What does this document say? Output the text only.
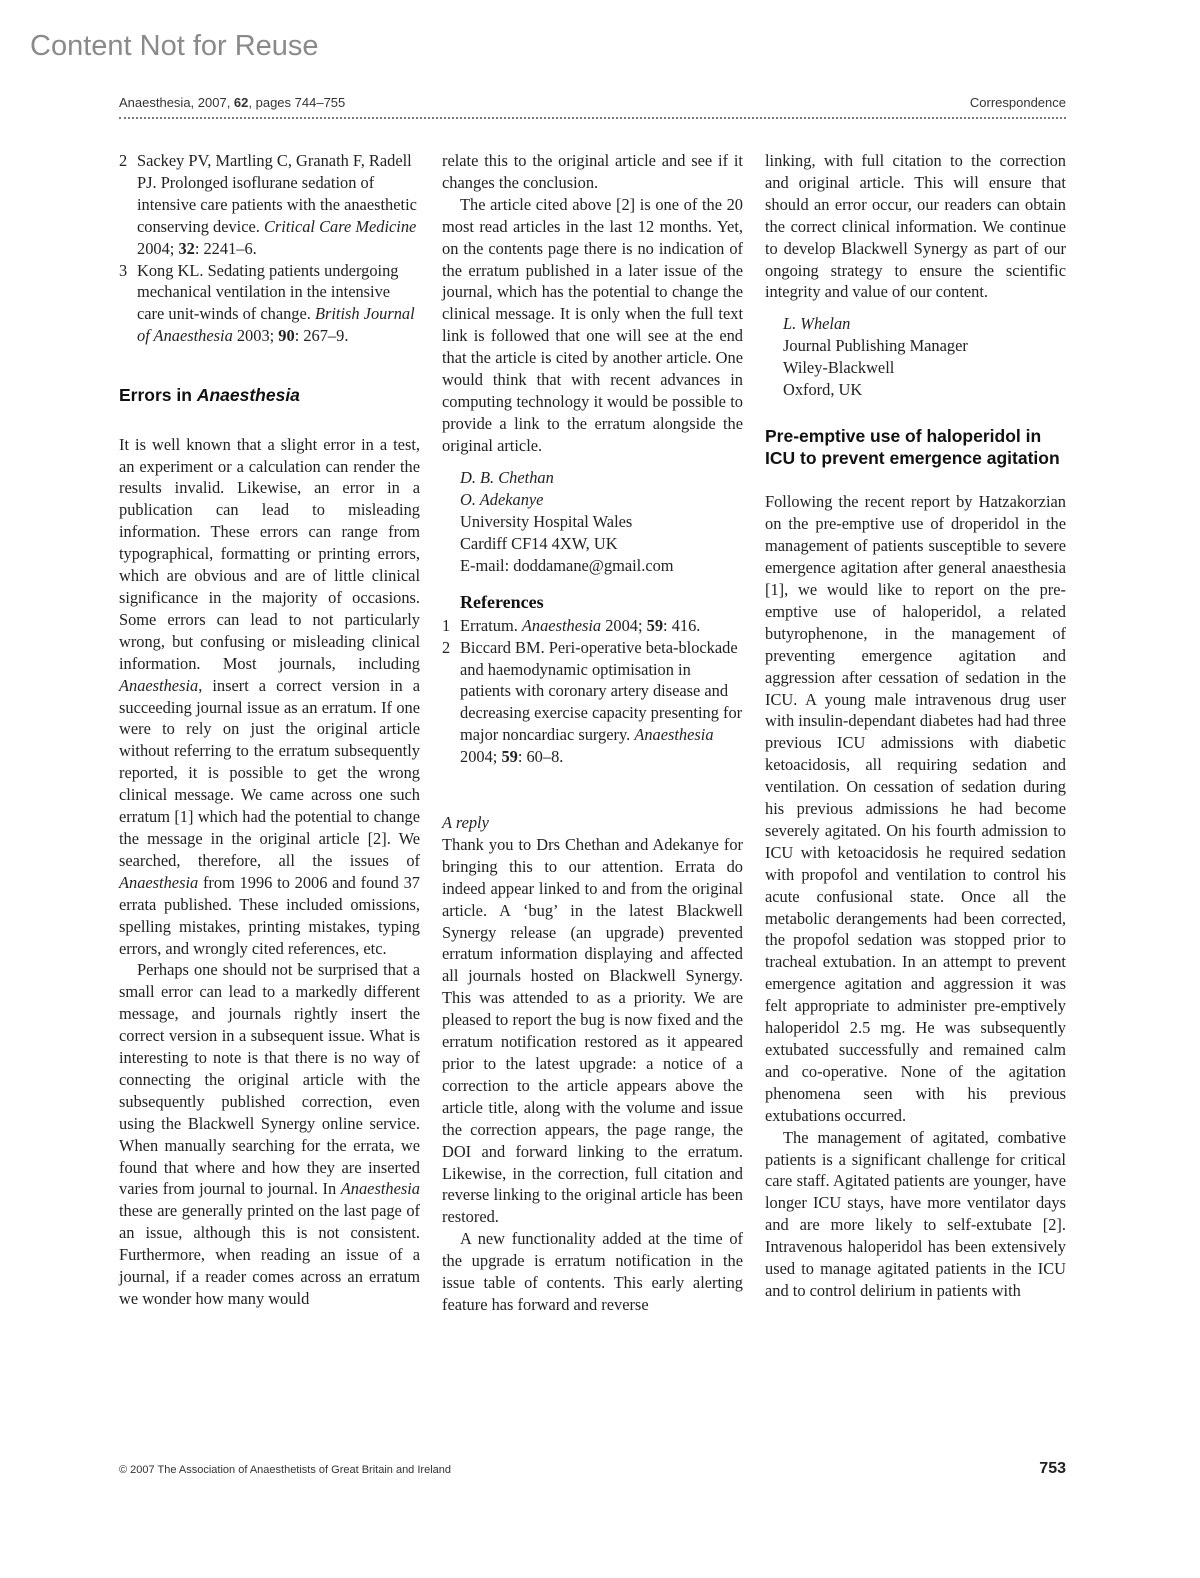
Content Not for Reuse
Anaesthesia, 2007, 62, pages 744–755	Correspondence
2 Sackey PV, Martling C, Granath F, Radell PJ. Prolonged isoflurane sedation of intensive care patients with the anaesthetic conserving device. Critical Care Medicine 2004; 32: 2241–6.
3 Kong KL. Sedating patients undergoing mechanical ventilation in the intensive care unit-winds of change. British Journal of Anaesthesia 2003; 90: 267–9.
Errors in Anaesthesia

It is well known that a slight error in a test, an experiment or a calculation can render the results invalid. Likewise, an error in a publication can lead to misleading information. These errors can range from typographical, formatting or printing errors, which are obvious and are of little clinical significance in the majority of occasions. Some errors can lead to not particularly wrong, but confusing or misleading clinical information. Most journals, including Anaesthesia, insert a correct version in a succeeding journal issue as an erratum. If one were to rely on just the original article without referring to the erratum subsequently reported, it is possible to get the wrong clinical message. We came across one such erratum [1] which had the potential to change the message in the original article [2]. We searched, therefore, all the issues of Anaesthesia from 1996 to 2006 and found 37 errata published. These included omissions, spelling mistakes, printing mistakes, typing errors, and wrongly cited references, etc.

Perhaps one should not be surprised that a small error can lead to a markedly different message, and journals rightly insert the correct version in a subsequent issue. What is interesting to note is that there is no way of connecting the original article with the subsequently published correction, even using the Blackwell Synergy online service. When manually searching for the errata, we found that where and how they are inserted varies from journal to journal. In Anaesthesia these are generally printed on the last page of an issue, although this is not consistent. Furthermore, when reading an issue of a journal, if a reader comes across an erratum we wonder how many would

relate this to the original article and see if it changes the conclusion.

The article cited above [2] is one of the 20 most read articles in the last 12 months. Yet, on the contents page there is no indication of the erratum published in a later issue of the journal, which has the potential to change the clinical message. It is only when the full text link is followed that one will see at the end that the article is cited by another article. One would think that with recent advances in computing technology it would be possible to provide a link to the erratum alongside the original article.

D. B. Chethan
O. Adekanye
University Hospital Wales
Cardiff CF14 4XW, UK
E-mail: doddamane@gmail.com
References
1 Erratum. Anaesthesia 2004; 59: 416.
2 Biccard BM. Peri-operative beta-blockade and haemodynamic optimisation in patients with coronary artery disease and decreasing exercise capacity presenting for major noncardiac surgery. Anaesthesia 2004; 59: 60–8.
A reply

Thank you to Drs Chethan and Adekanye for bringing this to our attention. Errata do indeed appear linked to and from the original article. A ‘bug’ in the latest Blackwell Synergy release (an upgrade) prevented erratum information displaying and affected all journals hosted on Blackwell Synergy. This was attended to as a priority. We are pleased to report the bug is now fixed and the erratum notification restored as it appeared prior to the latest upgrade: a notice of a correction to the article appears above the article title, along with the volume and issue the correction appears, the page range, the DOI and forward linking to the erratum. Likewise, in the correction, full citation and reverse linking to the original article has been restored.

A new functionality added at the time of the upgrade is erratum notification in the issue table of contents. This early alerting feature has forward and reverse

linking, with full citation to the correction and original article. This will ensure that should an error occur, our readers can obtain the correct clinical information. We continue to develop Blackwell Synergy as part of our ongoing strategy to ensure the scientific integrity and value of our content.

L. Whelan
Journal Publishing Manager
Wiley-Blackwell
Oxford, UK
Pre-emptive use of haloperidol in ICU to prevent emergence agitation

Following the recent report by Hatzakorzian on the pre-emptive use of droperidol in the management of patients susceptible to severe emergence agitation after general anaesthesia [1], we would like to report on the pre-emptive use of haloperidol, a related butyrophenone, in the management of preventing emergence agitation and aggression after cessation of sedation in the ICU. A young male intravenous drug user with insulin-dependant diabetes had had three previous ICU admissions with diabetic ketoacidosis, all requiring sedation and ventilation. On cessation of sedation during his previous admissions he had become severely agitated. On his fourth admission to ICU with ketoacidosis he required sedation with propofol and ventilation to control his acute confusional state. Once all the metabolic derangements had been corrected, the propofol sedation was stopped prior to tracheal extubation. In an attempt to prevent emergence agitation and aggression it was felt appropriate to administer pre-emptively haloperidol 2.5 mg. He was subsequently extubated successfully and remained calm and co-operative. None of the agitation phenomena seen with his previous extubations occurred.

The management of agitated, combative patients is a significant challenge for critical care staff. Agitated patients are younger, have longer ICU stays, have more ventilator days and are more likely to self-extubate [2]. Intravenous haloperidol has been extensively used to manage agitated patients in the ICU and to control delirium in patients with

© 2007 The Association of Anaesthetists of Great Britain and Ireland	753
